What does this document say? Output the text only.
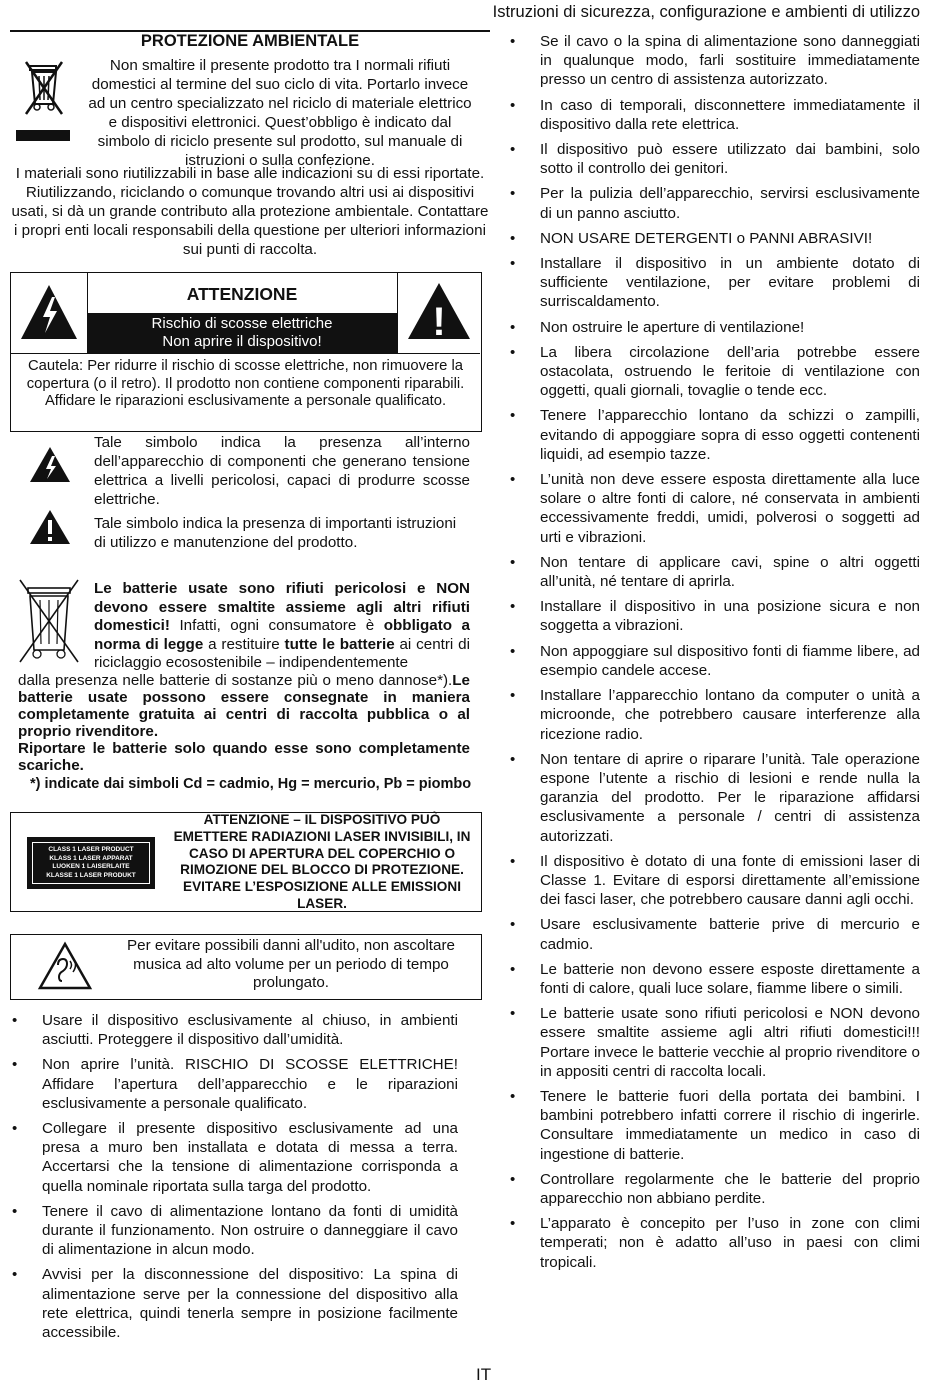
Istruzioni di sicurezza, configurazione e ambienti di utilizzo

PROTEZIONE AMBIENTALE

Non smaltire il presente prodotto tra I normali rifiuti
domestici al termine del suo ciclo di vita. Portarlo invece
ad un centro specializzato nel riciclo di materiale elettrico
e dispositivi elettronici. Quest’obbligo è indicato dal
simbolo di riciclo presente sul prodotto, sul manuale di
istruzioni o sulla confezione.
I materiali sono riutilizzabili in base alle indicazioni su di essi riportate. Riutilizzando, riciclando o comunque trovando altri usi ai dispositivi usati, si dà un grande contributo alla protezione ambientale. Contattare i propri enti locali responsabili della questione per ulteriori informazioni sui punti di raccolta.
ATTENZIONE
Rischio di scosse elettriche
Non aprire il dispositivo!	!
Cautela: Per ridurre il rischio di scosse elettriche, non rimuovere la copertura (o il retro). Il prodotto non contiene componenti riparabili. Affidare le riparazioni esclusivamente a personale qualificato.
Tale simbolo indica la presenza all’interno dell’apparecchio di componenti che generano tensione elettrica a livelli pericolosi, capaci di produrre scosse elettriche.
Tale simbolo indica la presenza di importanti istruzioni di utilizzo e manutenzione del prodotto.
Le batterie usate sono rifiuti pericolosi e NON devono essere smaltite assieme agli altri rifiuti domestici! Infatti, ogni consumatore è obbligato a norma di legge a restituire tutte le batterie ai centri di riciclaggio ecosostenibile – indipendentemente
dalla presenza nelle batterie di sostanze più o meno dannose*).Le batterie usate possono essere consegnate in maniera completamente gratuita ai centri di raccolta pubblica o al proprio rivenditore.
Riportare le batterie solo quando esse sono completamente scariche.
*) indicate dai simboli Cd = cadmio, Hg = mercurio, Pb = piombo
CLASS 1 LASER PRODUCT
KLASS 1 LASER APPARAT
LUOKEN 1 LAISERLAITE
KLASSE 1 LASER PRODUKT
ATTENZIONE – IL DISPOSITIVO PUÒ EMETTERE RADIAZIONI LASER INVISIBILI, IN CASO DI APERTURA DEL COPERCHIO O RIMOZIONE DEL BLOCCO DI PROTEZIONE. EVITARE L’ESPOSIZIONE ALLE EMISSIONI LASER.
Per evitare possibili danni all'udito, non ascoltare musica ad alto volume per un periodo di tempo prolungato.
• Usare il dispositivo esclusivamente al chiuso, in ambienti asciutti. Proteggere il dispositivo dall’umidità.
• Non aprire l’unità. RISCHIO DI SCOSSE ELETTRICHE! Affidare l’apertura dell’apparecchio e le riparazioni esclusivamente a personale qualificato.
• Collegare il presente dispositivo esclusivamente ad una presa a muro ben installata e dotata di messa a terra. Accertarsi che la tensione di alimentazione corrisponda a quella nominale riportata sulla targa del prodotto.
• Tenere il cavo di alimentazione lontano da fonti di umidità durante il funzionamento. Non ostruire o danneggiare il cavo di alimentazione in alcun modo.
• Avvisi per la disconnessione del dispositivo: La spina di alimentazione serve per la connessione del dispositivo alla rete elettrica, quindi tenerla sempre in posizione facilmente accessibile.
• Se il cavo o la spina di alimentazione sono danneggiati in qualunque modo, farli sostituire immediatamente presso un centro di assistenza autorizzato.
• In caso di temporali, disconnettere immediatamente il dispositivo dalla rete elettrica.
• Il dispositivo può essere utilizzato dai bambini, solo sotto il controllo dei genitori.
• Per la pulizia dell’apparecchio, servirsi esclusivamente di un panno asciutto.
• NON USARE DETERGENTI o PANNI ABRASIVI!
• Installare il dispositivo in un ambiente dotato di sufficiente ventilazione, per evitare problemi di surriscaldamento.
• Non ostruire le aperture di ventilazione!
• La libera circolazione dell’aria potrebbe essere ostacolata, ostruendo le feritoie di ventilazione con oggetti, quali giornali, tovaglie o tende ecc.
• Tenere l’apparecchio lontano da schizzi o zampilli, evitando di appoggiare sopra di esso oggetti contenenti liquidi, ad esempio tazze.
• L’unità non deve essere esposta direttamente alla luce solare o altre fonti di calore, né conservata in ambienti eccessivamente freddi, umidi, polverosi o soggetti ad urti e vibrazioni.
• Non tentare di applicare cavi, spine o altri oggetti all’unità, né tentare di aprirla.
• Installare il dispositivo in una posizione sicura e non soggetta a vibrazioni.
• Non appoggiare sul dispositivo fonti di fiamme libere, ad esempio candele accese.
• Installare l’apparecchio lontano da computer o unità a microonde, che potrebbero causare interferenze alla ricezione radio.
• Non tentare di aprire o riparare l’unità. Tale operazione espone l’utente a rischio di lesioni e rende nulla la garanzia del prodotto. Per le riparazione affidarsi esclusivamente a personale / centri di assistenza autorizzati.
• Il dispositivo è dotato di una fonte di emissioni laser di Classe 1. Evitare di esporsi direttamente all’emissione dei fasci laser, che potrebbero causare danni agli occhi.
• Usare esclusivamente batterie prive di mercurio e cadmio.
• Le batterie non devono essere esposte direttamente a fonti di calore, quali luce solare, fiamme libere o simili.
• Le batterie usate sono rifiuti pericolosi e NON devono essere smaltite assieme agli altri rifiuti domestici!!! Portare invece le batterie vecchie al proprio rivenditore o in appositi centri di raccolta locali.
• Tenere le batterie fuori della portata dei bambini. I bambini potrebbero infatti correre il rischio di ingerirle. Consultare immediatamente un medico in caso di ingestione di batterie.
• Controllare regolarmente che le batterie del proprio apparecchio non abbiano perdite.
• L’apparato è concepito per l’uso in zone con climi temperati; non è adatto all’uso in paesi con climi tropicali.
IT
